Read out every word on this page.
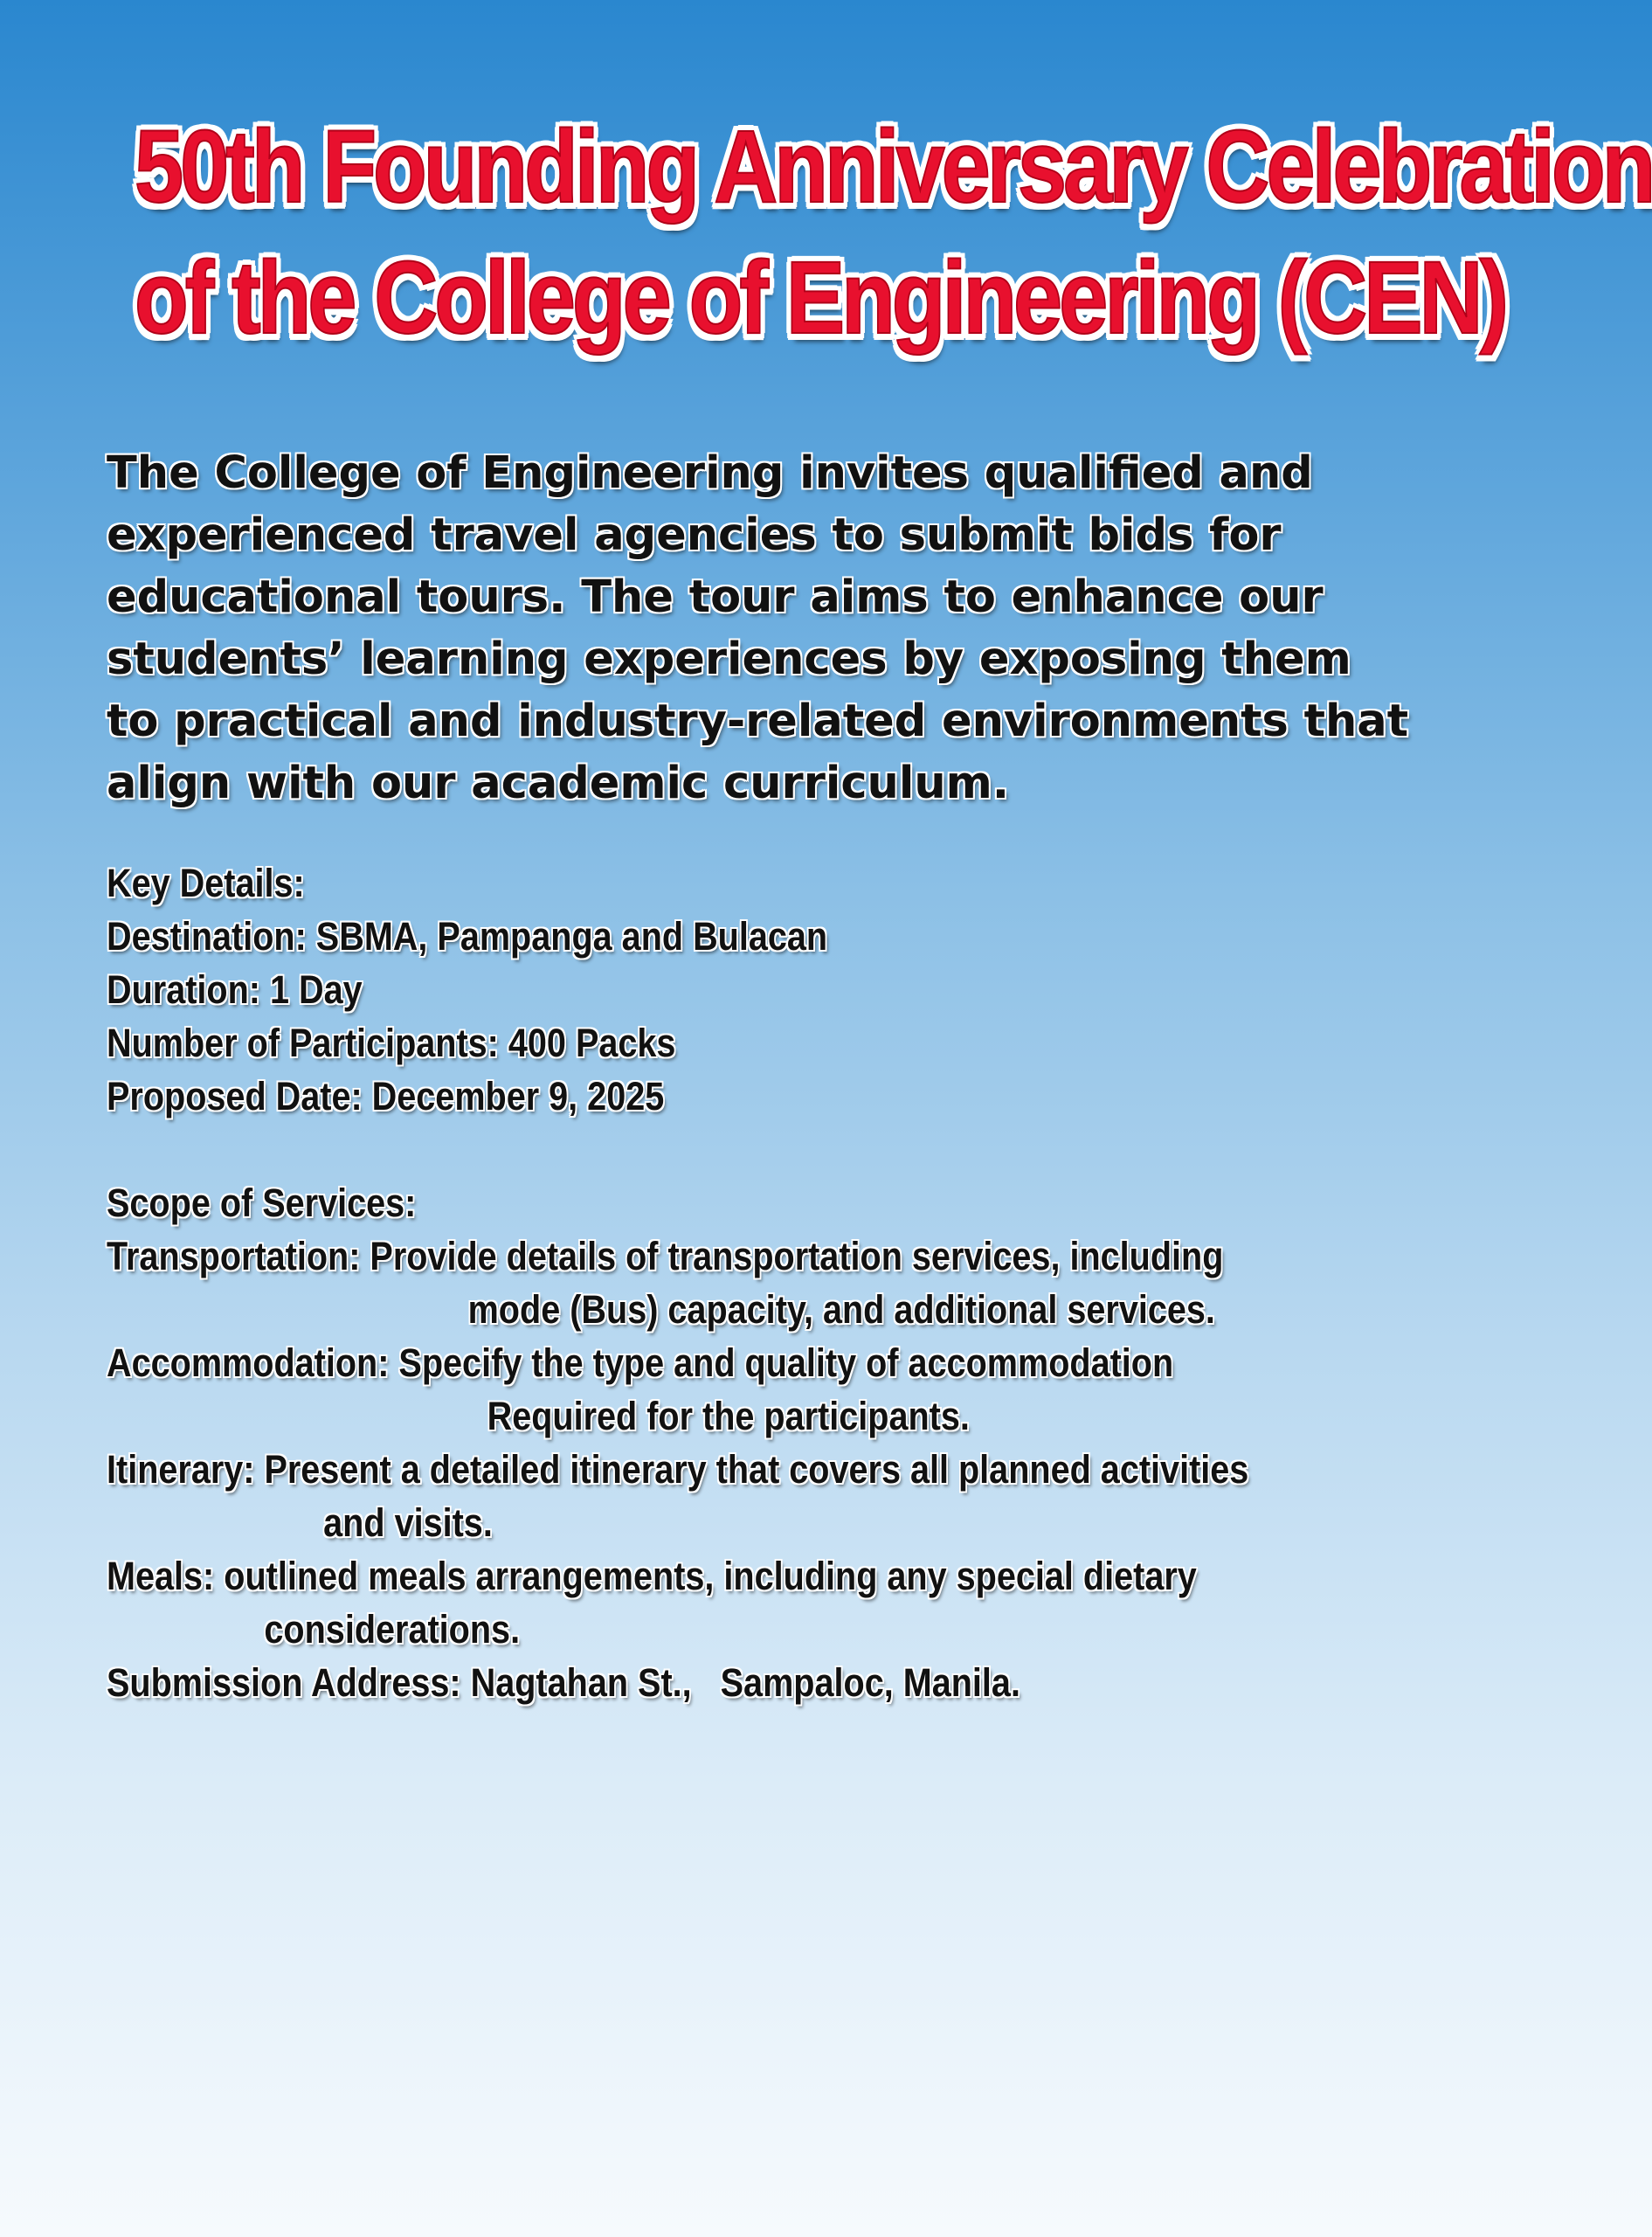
50th Founding Anniversary Celebration
of the College of Engineering (CEN)

The College of Engineering invites qualified and
experienced travel agencies to submit bids for
educational tours. The tour aims to enhance our
students’ learning experiences by exposing them
to practical and industry-related environments that
align with our academic curriculum.

Key Details:
Destination: SBMA, Pampanga and Bulacan
Duration: 1 Day
Number of Participants: 400 Packs
Proposed Date: December 9, 2025
Scope of Services:
Transportation: Provide details of transportation services, including
mode (Bus) capacity, and additional services.
Accommodation: Specify the type and quality of accommodation
Required for the participants.
Itinerary: Present a detailed itinerary that covers all planned activities
and visits.
Meals: outlined meals arrangements, including any special dietary
considerations.
Submission Address: Nagtahan St.,   Sampaloc, Manila.
